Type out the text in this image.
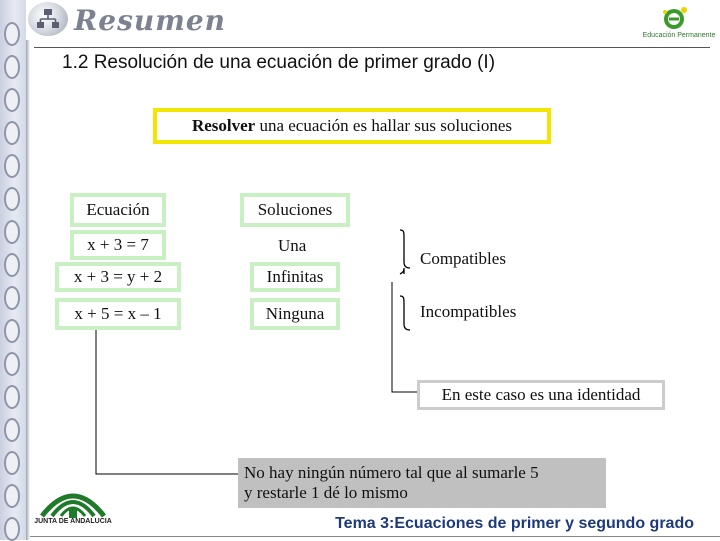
Resumen	Educación Permanente
1.2 Resolución de una ecuación de primer grado (I)
Resolver una ecuación es hallar sus soluciones
Ecuación	Soluciones
x + 3 = 7	Una
x + 3 = y + 2	Infinitas
x + 5 = x – 1	Ninguna
Compatibles
Incompatibles
En este caso es una identidad
No hay ningún número tal que al sumarle 5
y restarle 1 dé lo mismo
JUNTA DE ANDALUCIA	Tema 3:Ecuaciones de primer y segundo grado
